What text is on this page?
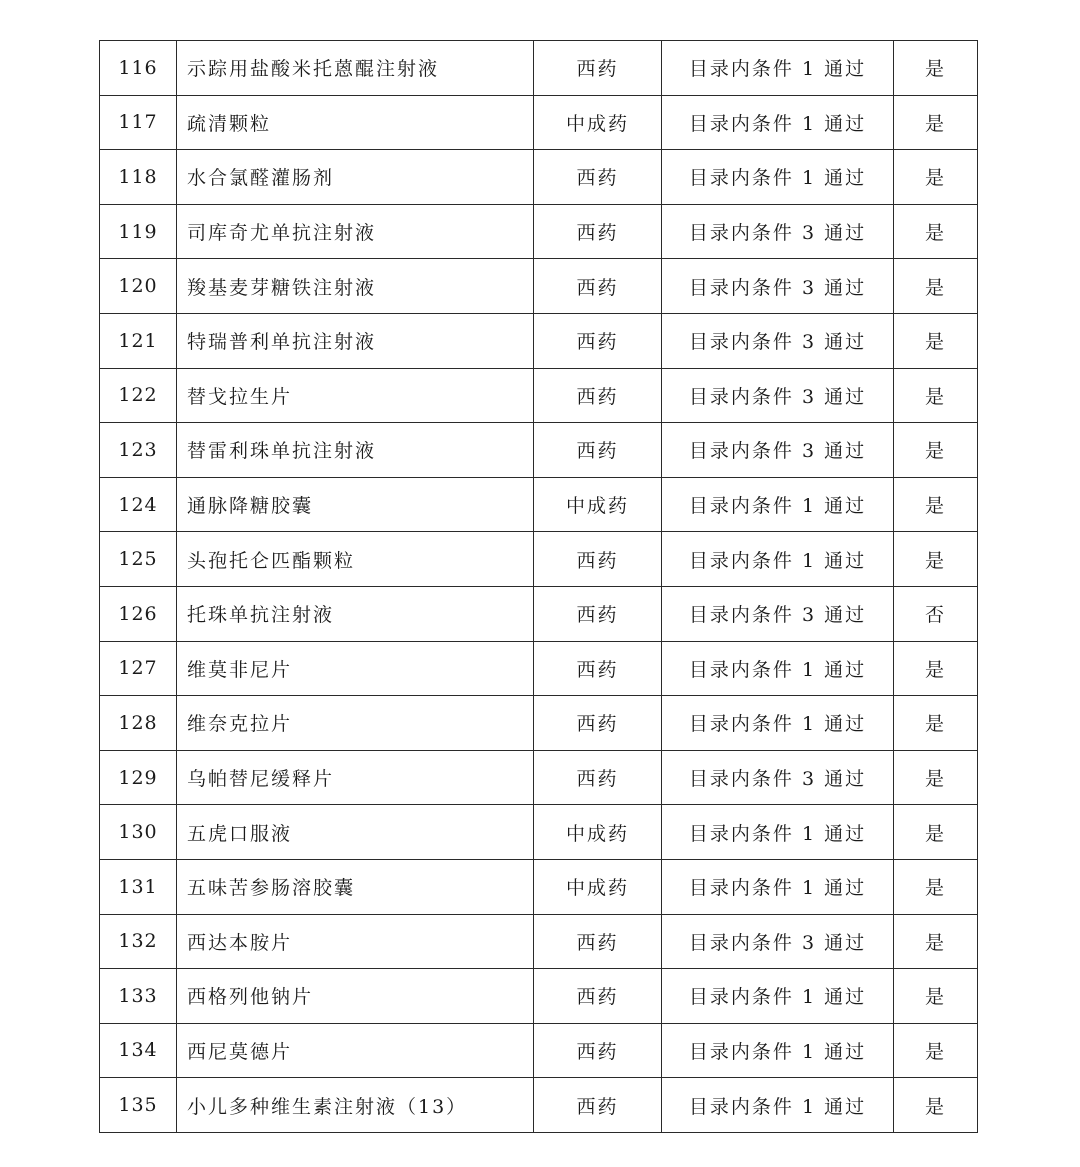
116	示踪用盐酸米托蒽醌注射液	西药	目录内条件 1 通过	是
117	疏清颗粒	中成药	目录内条件 1 通过	是
118	水合氯醛灌肠剂	西药	目录内条件 1 通过	是
119	司库奇尤单抗注射液	西药	目录内条件 3 通过	是
120	羧基麦芽糖铁注射液	西药	目录内条件 3 通过	是
121	特瑞普利单抗注射液	西药	目录内条件 3 通过	是
122	替戈拉生片	西药	目录内条件 3 通过	是
123	替雷利珠单抗注射液	西药	目录内条件 3 通过	是
124	通脉降糖胶囊	中成药	目录内条件 1 通过	是
125	头孢托仑匹酯颗粒	西药	目录内条件 1 通过	是
126	托珠单抗注射液	西药	目录内条件 3 通过	否
127	维莫非尼片	西药	目录内条件 1 通过	是
128	维奈克拉片	西药	目录内条件 1 通过	是
129	乌帕替尼缓释片	西药	目录内条件 3 通过	是
130	五虎口服液	中成药	目录内条件 1 通过	是
131	五味苦参肠溶胶囊	中成药	目录内条件 1 通过	是
132	西达本胺片	西药	目录内条件 3 通过	是
133	西格列他钠片	西药	目录内条件 1 通过	是
134	西尼莫德片	西药	目录内条件 1 通过	是
135	小儿多种维生素注射液（13）	西药	目录内条件 1 通过	是
